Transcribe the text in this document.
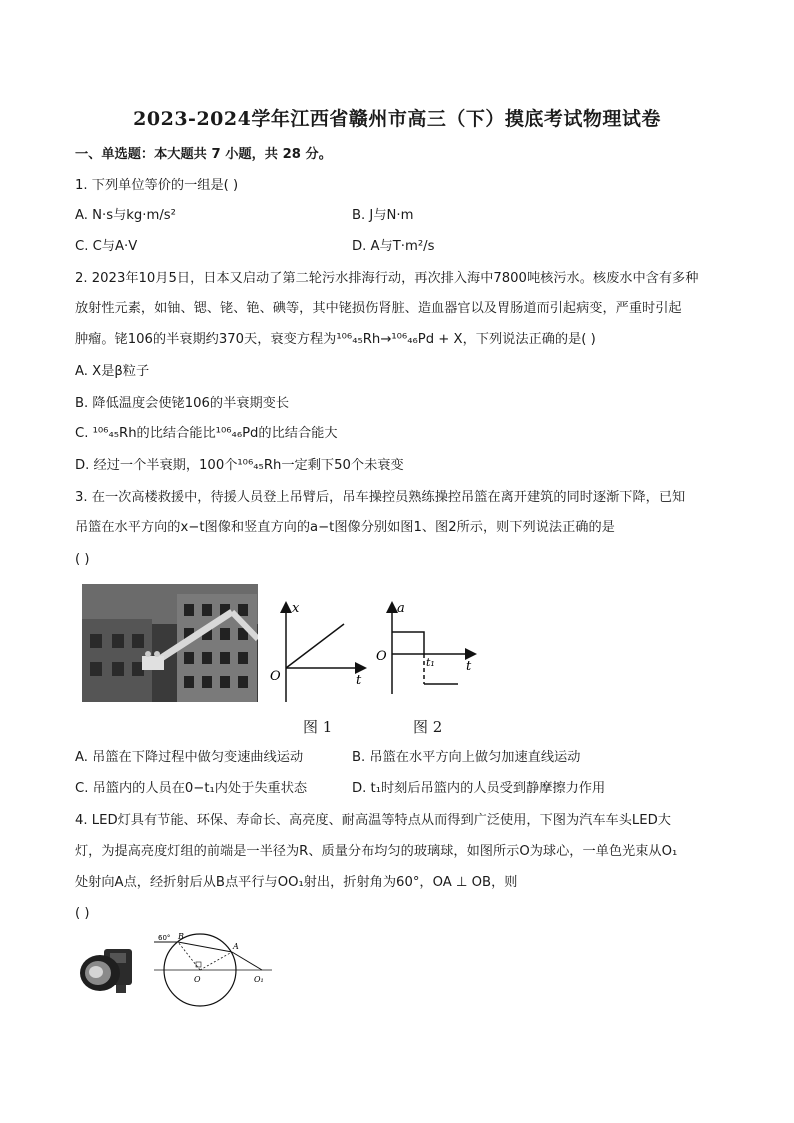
2023-2024学年江西省赣州市高三（下）摸底考试物理试卷
一、单选题：本大题共 7 小题，共 28 分。
1. 下列单位等价的一组是( )
A. N·s与kg·m/s²	B. J与N·m
C. C与A·V	D. A与T·m²/s
2. 2023年10月5日，日本又启动了第二轮污水排海行动，再次排入海中7800吨核污水。核废水中含有多种
放射性元素，如铀、锶、铑、铯、碘等，其中铑损伤肾脏、造血器官以及胃肠道而引起病变，严重时引起
肿瘤。铑106的半衰期约370天，衰变方程为¹⁰⁶₄₅Rh→¹⁰⁶₄₆Pd + X，下列说法正确的是( )
A. X是β粒子
B. 降低温度会使铑106的半衰期变长
C. ¹⁰⁶₄₅Rh的比结合能比¹⁰⁶₄₆Pd的比结合能大
D. 经过一个半衰期，100个¹⁰⁶₄₅Rh一定剩下50个未衰变
3. 在一次高楼救援中，待援人员登上吊臂后，吊车操控员熟练操控吊篮在离开建筑的同时逐渐下降，已知
吊篮在水平方向的x−t图像和竖直方向的a−t图像分别如图1、图2所示，则下列说法正确的是
( )
x
t
O
a
t
O	t₁
图 1	图 2
A. 吊篮在下降过程中做匀变速曲线运动	B. 吊篮在水平方向上做匀加速直线运动
C. 吊篮内的人员在0−t₁内处于失重状态	D. t₁时刻后吊篮内的人员受到静摩擦力作用
4. LED灯具有节能、环保、寿命长、高亮度、耐高温等特点从而得到广泛使用，下图为汽车车头LED大
灯，为提高亮度灯组的前端是一半径为R、质量分布均匀的玻璃球，如图所示O为球心，一单色光束从O₁
处射向A点，经折射后从B点平行与OO₁射出，折射角为60°，OA ⊥ OB，则
( )
60° B
A
O	O₁
